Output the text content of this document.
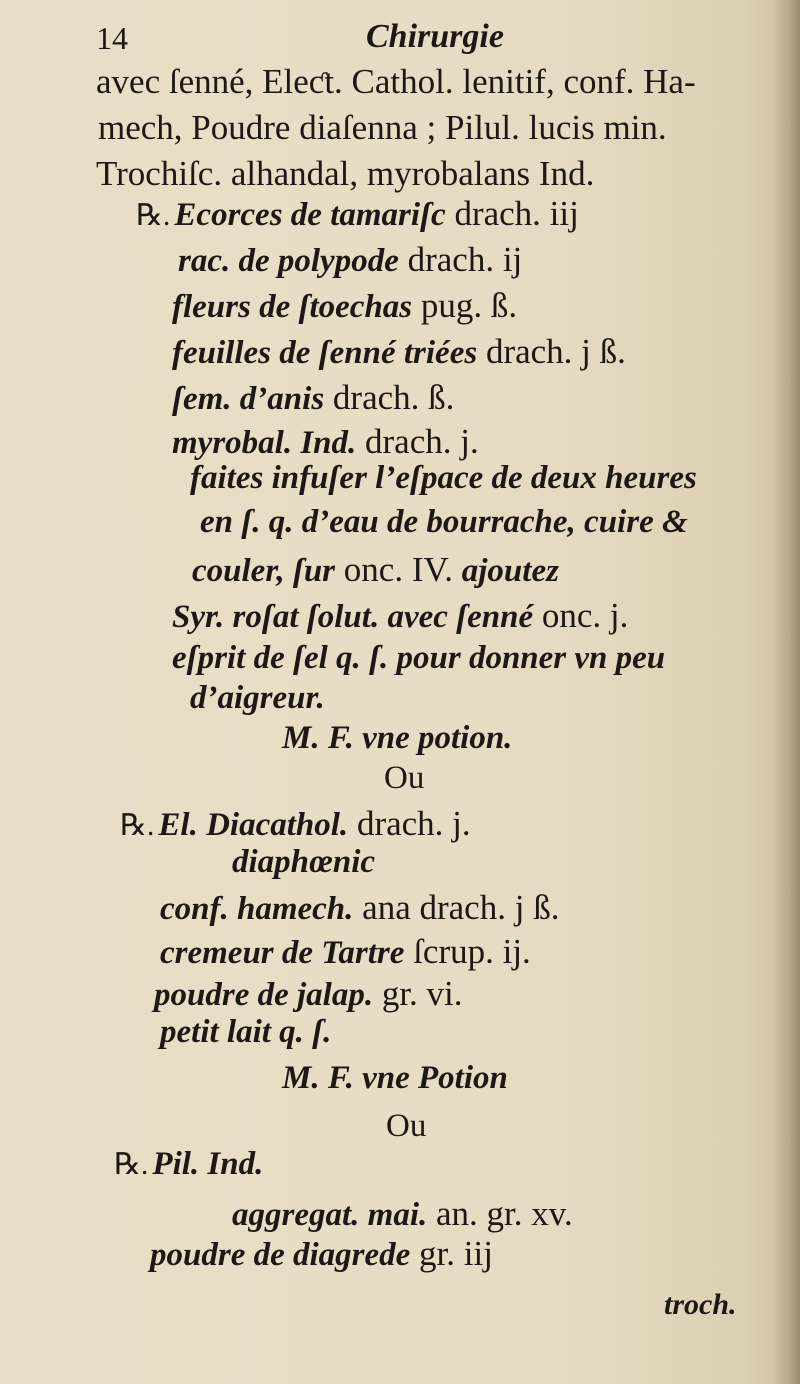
14	Chirurgie
avec ſenné, Eleƈt. Cathol. lenitif, conf. Ha-
mech, Poudre diaſenna ; Pilul. lucis min.
Trochiſc. alhandal, myrobalans Ind.
℞. Ecorces de tamariſc drach. iij
rac. de polypode drach. ij
fleurs de ſtoechas pug. ß.
feuilles de ſenné triées drach. j ß.
ſem. d’anis drach. ß.
myrobal. Ind. drach. j.
faites infuſer l’eſpace de deux heures
en ſ. q. d’eau de bourrache, cuire &
couler, ſur onc. IV. ajoutez
Syr. roſat ſolut. avec ſenné onc. j.
eſprit de ſel q. ſ. pour donner vn peu
d’aigreur.
M. F. vne potion.
Ou
℞. El. Diacathol. drach. j.
diaphœnic
conf. hamech. ana drach. j ß.
cremeur de Tartre ſcrup. ij.
poudre de jalap. gr. vi.
petit lait q. ſ.
M. F. vne Potion
Ou
℞. Pil. Ind.
aggregat. mai. an. gr. xv.
poudre de diagrede gr. iij
troch.
